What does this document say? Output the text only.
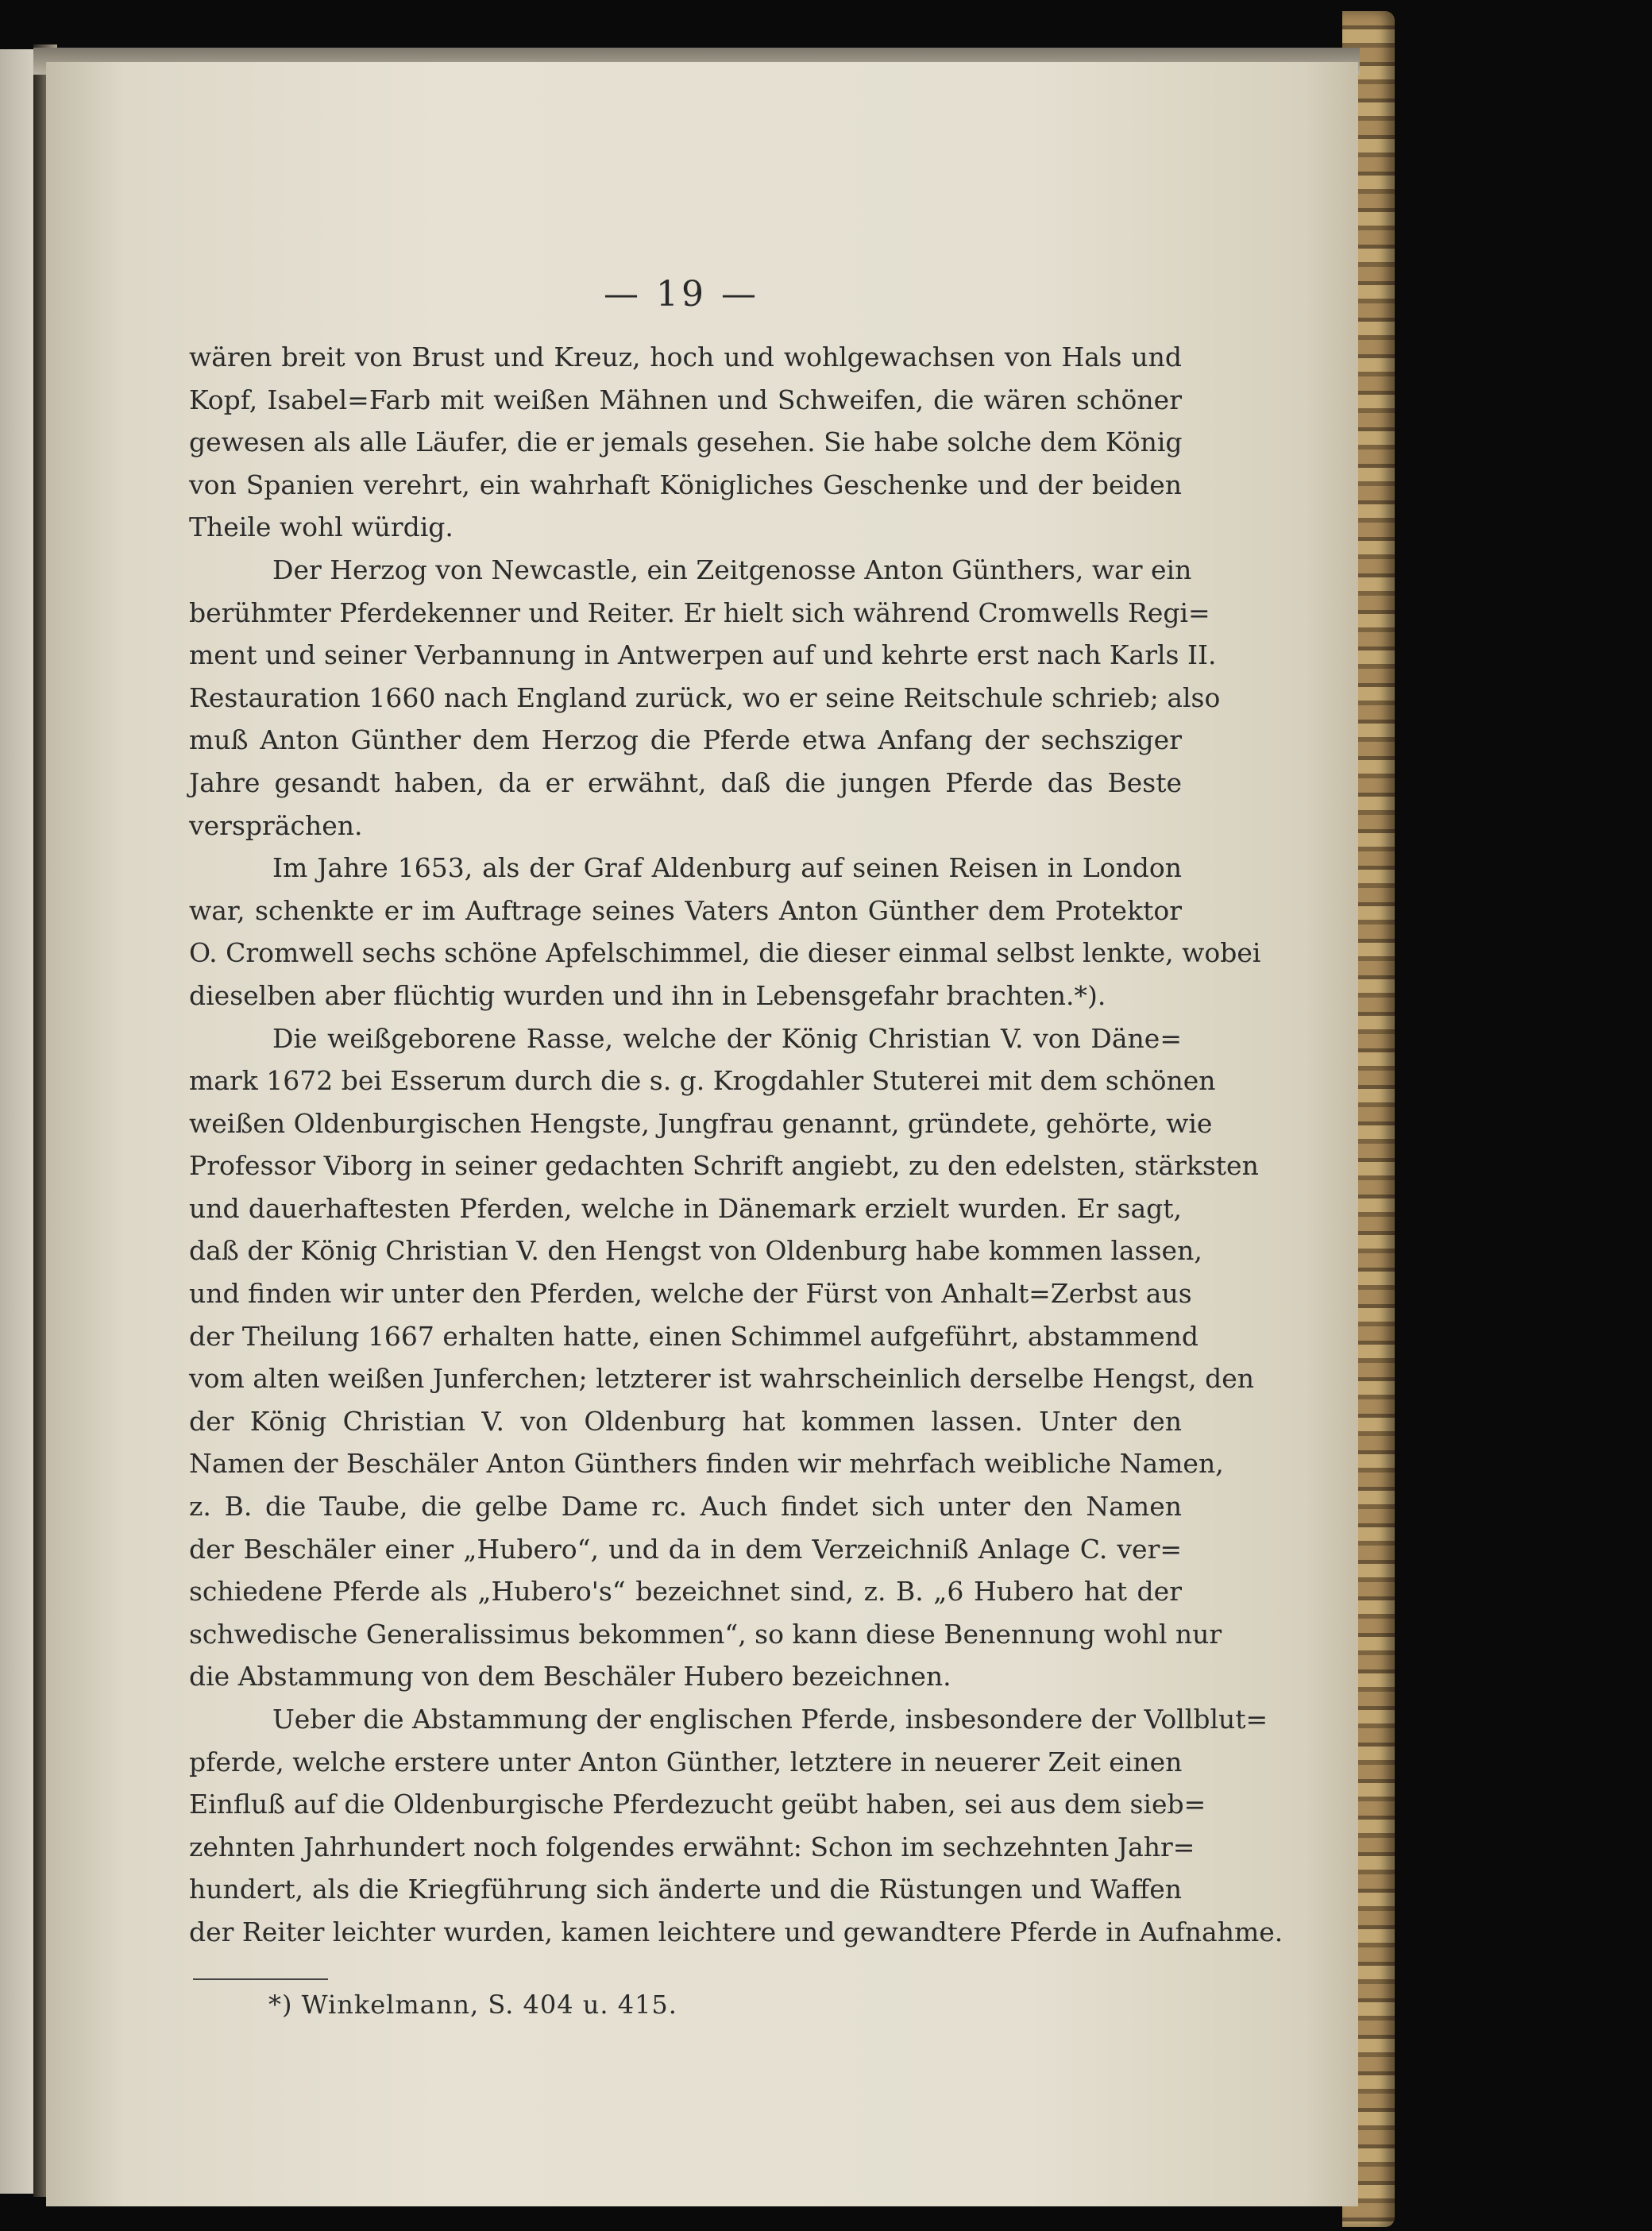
— 19 —
wären breit von Brust und Kreuz, hoch und wohlgewachsen von Hals und
Kopf, Isabel=Farb mit weißen Mähnen und Schweifen, die wären schöner
gewesen als alle Läufer, die er jemals gesehen. Sie habe solche dem König
von Spanien verehrt, ein wahrhaft Königliches Geschenke und der beiden
Theile wohl würdig.
Der Herzog von Newcastle, ein Zeitgenosse Anton Günthers, war ein
berühmter Pferdekenner und Reiter. Er hielt sich während Cromwells Regi=
ment und seiner Verbannung in Antwerpen auf und kehrte erst nach Karls II.
Restauration 1660 nach England zurück, wo er seine Reitschule schrieb; also
muß Anton Günther dem Herzog die Pferde etwa Anfang der sechsziger
Jahre gesandt haben, da er erwähnt, daß die jungen Pferde das Beste
versprächen.
Im Jahre 1653, als der Graf Aldenburg auf seinen Reisen in London
war, schenkte er im Auftrage seines Vaters Anton Günther dem Protektor
O. Cromwell sechs schöne Apfelschimmel, die dieser einmal selbst lenkte, wobei
dieselben aber flüchtig wurden und ihn in Lebensgefahr brachten.*).
Die weißgeborene Rasse, welche der König Christian V. von Däne=
mark 1672 bei Esserum durch die s. g. Krogdahler Stuterei mit dem schönen
weißen Oldenburgischen Hengste, Jungfrau genannt, gründete, gehörte, wie
Professor Viborg in seiner gedachten Schrift angiebt, zu den edelsten, stärksten
und dauerhaftesten Pferden, welche in Dänemark erzielt wurden. Er sagt,
daß der König Christian V. den Hengst von Oldenburg habe kommen lassen,
und finden wir unter den Pferden, welche der Fürst von Anhalt=Zerbst aus
der Theilung 1667 erhalten hatte, einen Schimmel aufgeführt, abstammend
vom alten weißen Junferchen; letzterer ist wahrscheinlich derselbe Hengst, den
der König Christian V. von Oldenburg hat kommen lassen. Unter den
Namen der Beschäler Anton Günthers finden wir mehrfach weibliche Namen,
z. B. die Taube, die gelbe Dame rc. Auch findet sich unter den Namen
der Beschäler einer „Hubero“, und da in dem Verzeichniß Anlage C. ver=
schiedene Pferde als „Hubero's“ bezeichnet sind, z. B. „6 Hubero hat der
schwedische Generalissimus bekommen“, so kann diese Benennung wohl nur
die Abstammung von dem Beschäler Hubero bezeichnen.
Ueber die Abstammung der englischen Pferde, insbesondere der Vollblut=
pferde, welche erstere unter Anton Günther, letztere in neuerer Zeit einen
Einfluß auf die Oldenburgische Pferdezucht geübt haben, sei aus dem sieb=
zehnten Jahrhundert noch folgendes erwähnt: Schon im sechzehnten Jahr=
hundert, als die Kriegführung sich änderte und die Rüstungen und Waffen
der Reiter leichter wurden, kamen leichtere und gewandtere Pferde in Aufnahme.
*) Winkelmann, S. 404 u. 415.
